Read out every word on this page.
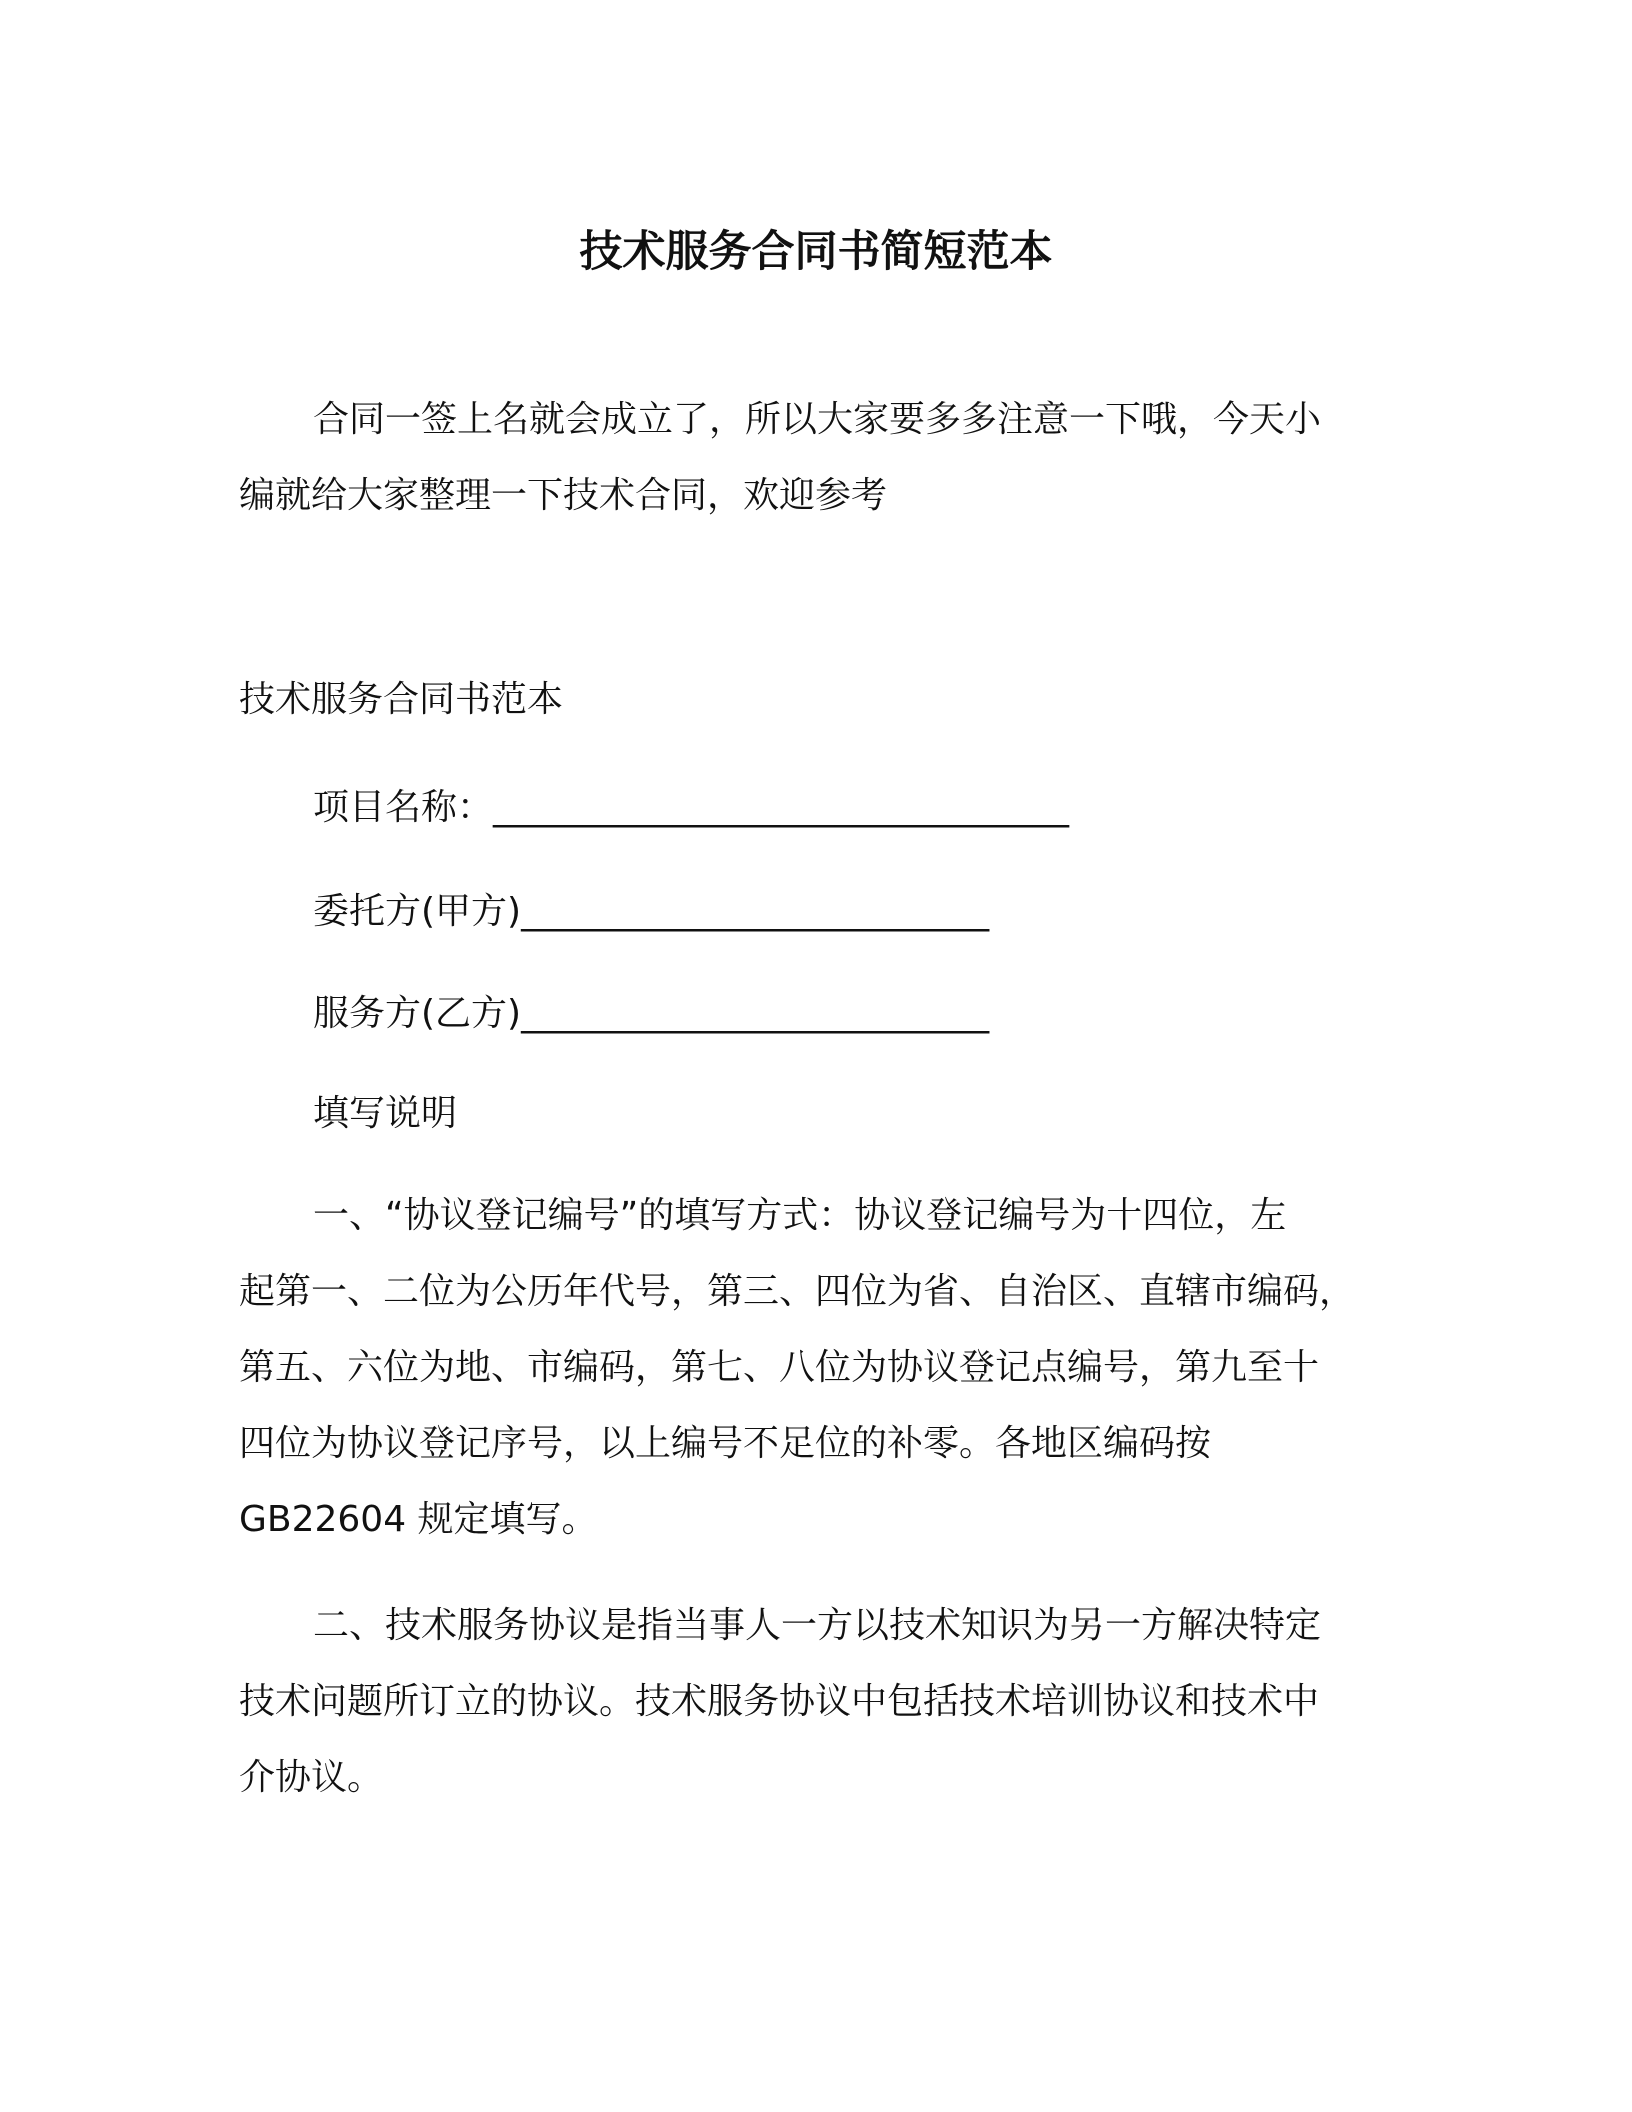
技术服务合同书简短范本
合同一签上名就会成立了，所以大家要多多注意一下哦，今天小
编就给大家整理一下技术合同，欢迎参考
技术服务合同书范本
项目名称：________________________________
委托方(甲方)__________________________
服务方(乙方)__________________________
填写说明
一、“协议登记编号”的填写方式：协议登记编号为十四位，左
起第一、二位为公历年代号，第三、四位为省、自治区、直辖市编码，
第五、六位为地、市编码，第七、八位为协议登记点编号，第九至十
四位为协议登记序号，以上编号不足位的补零。各地区编码按
GB22604 规定填写。
二、技术服务协议是指当事人一方以技术知识为另一方解决特定
技术问题所订立的协议。技术服务协议中包括技术培训协议和技术中
介协议。
